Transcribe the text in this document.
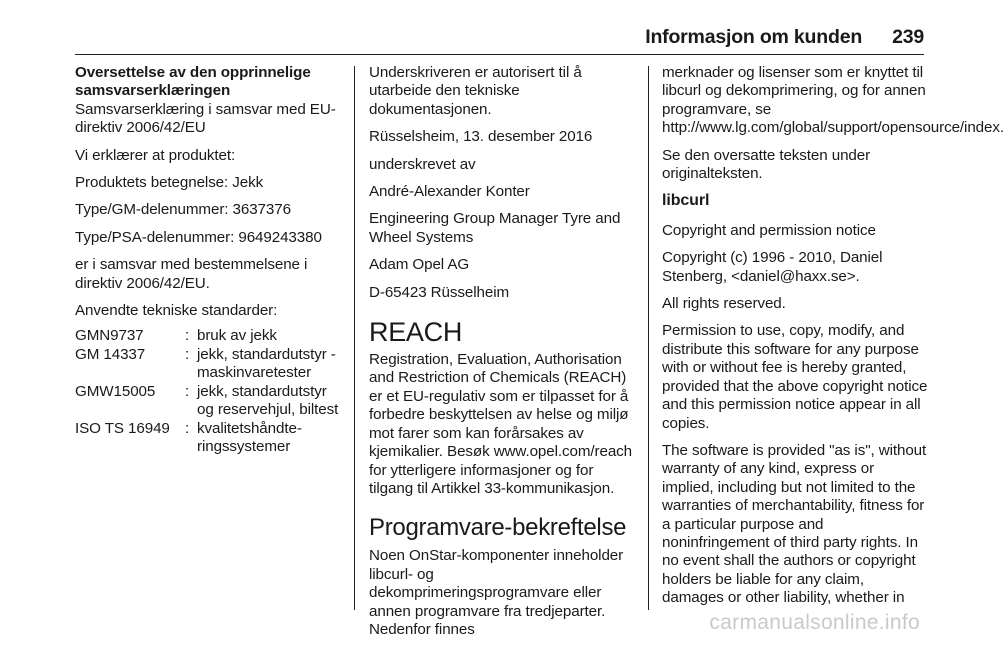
Informasjon om kunden 239

Oversettelse av den opprinnelige samsvarserklæringen

Samsvarserklæring i samsvar med EU-direktiv 2006/42/EU

Vi erklærer at produktet:

Produktets betegnelse: Jekk

Type/GM-delenummer: 3637376

Type/PSA-delenummer: 9649243380

er i samsvar med bestemmelsene i direktiv 2006/42/EU.

Anvendte tekniske standarder:

GMN9737	:	bruk av jekk
GM 14337	:	jekk, standardutstyr - maskinvaretester
GMW15005	:	jekk, standardutstyr og reservehjul, biltest
ISO TS 16949	:	kvalitetshåndteringssystemer

Underskriveren er autorisert til å utarbeide den tekniske dokumentasjonen.

Rüsselsheim, 13. desember 2016

underskrevet av

André-Alexander Konter

Engineering Group Manager Tyre and Wheel Systems

Adam Opel AG

D-65423 Rüsselheim

REACH

Registration, Evaluation, Authorisation and Restriction of Chemicals (REACH) er et EU-regulativ som er tilpasset for å forbedre beskyttelsen av helse og miljø mot farer som kan forårsakes av kjemikalier. Besøk www.opel.com/reach for ytterligere informasjoner og for tilgang til Artikkel 33-kommunikasjon.

Programvare-bekreftelse

Noen OnStar-komponenter inneholder libcurl- og dekomprimeringsprogramvare eller annen programvare fra tredjeparter. Nedenfor finnes

merknader og lisenser som er knyttet til libcurl og dekomprimering, og for annen programvare, se http://www.lg.com/global/support/opensource/index.

Se den oversatte teksten under originalteksten.

libcurl

Copyright and permission notice

Copyright (c) 1996 - 2010, Daniel Stenberg, <daniel@haxx.se>.

All rights reserved.

Permission to use, copy, modify, and distribute this software for any purpose with or without fee is hereby granted, provided that the above copyright notice and this permission notice appear in all copies.

The software is provided "as is", without warranty of any kind, express or implied, including but not limited to the warranties of merchantability, fitness for a particular purpose and noninfringement of third party rights. In no event shall the authors or copyright holders be liable for any claim, damages or other liability, whether in

carmanualsonline.info
